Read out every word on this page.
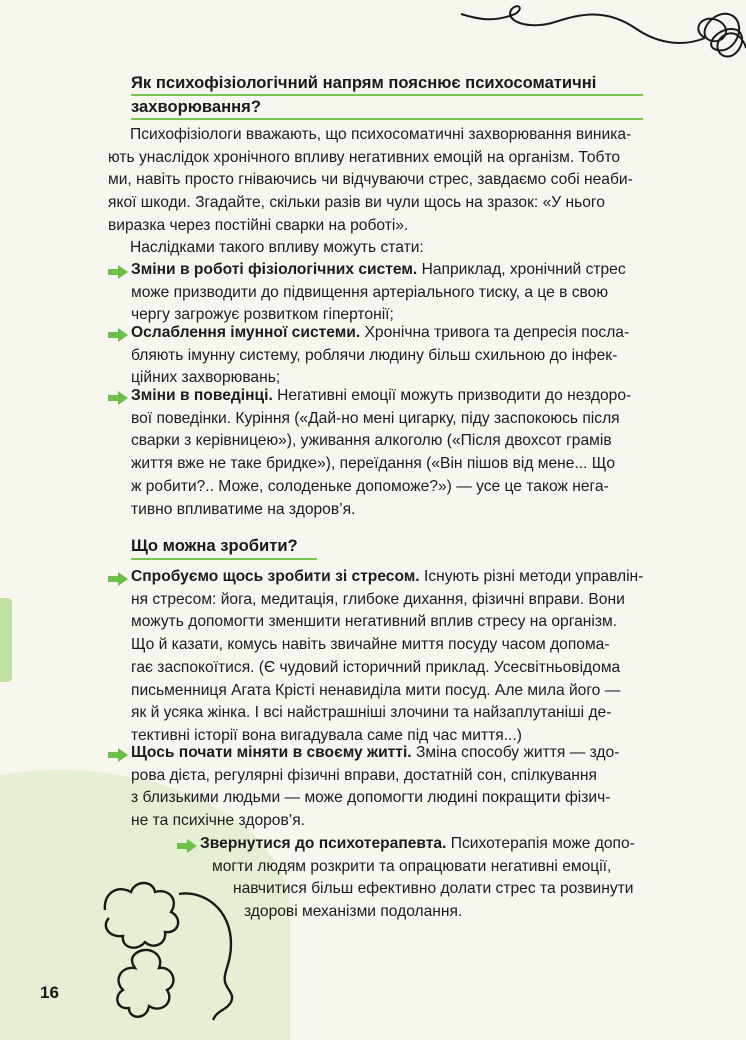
Як психофізіологічний напрям пояснює психосоматичні
захворювання?

Психофізіологи вважають, що психосоматичні захворювання виника-
ють унаслідок хронічного впливу негативних емоцій на організм. Тобто
ми, навіть просто гніваючись чи відчуваючи стрес, завдаємо собі неаби-
якої шкоди. Згадайте, скільки разів ви чули щось на зразок: «У нього
виразка через постійні сварки на роботі».

Наслідками такого впливу можуть стати:

Зміни в роботі фізіологічних систем. Наприклад, хронічний стрес
може призводити до підвищення артеріального тиску, а це в свою
чергу загрожує розвитком гіпертонії;

Ослаблення імунної системи. Хронічна тривога та депресія посла-
бляють імунну систему, роблячи людину більш схильною до інфек-
ційних захворювань;

Зміни в поведінці. Негативні емоції можуть призводити до нездоро-
вої поведінки. Куріння («Дай-но мені цигарку, піду заспокоюсь після
сварки з керівницею»), уживання алкоголю («Після двохсот грамів
життя вже не таке бридке»), переїдання («Він пішов від мене... Що
ж робити?.. Може, солоденьке допоможе?») — усе це також нега-
тивно впливатиме на здоров’я.

Що можна зробити?

Спробуємо щось зробити зі стресом. Існують різні методи управлін-
ня стресом: йога, медитація, глибоке дихання, фізичні вправи. Вони
можуть допомогти зменшити негативний вплив стресу на організм.
Що й казати, комусь навіть звичайне миття посуду часом допома-
гає заспокоїтися. (Є чудовий історичний приклад. Усесвітньовідома
письменниця Агата Крісті ненавиділа мити посуд. Але мила його —
як й усяка жінка. І всі найстрашніші злочини та найзаплутаніші де-
тективні історії вона вигадувала саме під час миття...)

Щось почати міняти в своєму житті. Зміна способу життя — здо-
рова дієта, регулярні фізичні вправи, достатній сон, спілкування
з близькими людьми — може допомогти людині покращити фізич-
не та психічне здоров’я.

Звернутися до психотерапевта. Психотерапія може допо-
могти людям розкрити та опрацювати негативні емоції,
навчитися більш ефективно долати стрес та розвинути
здорові механізми подолання.

16
